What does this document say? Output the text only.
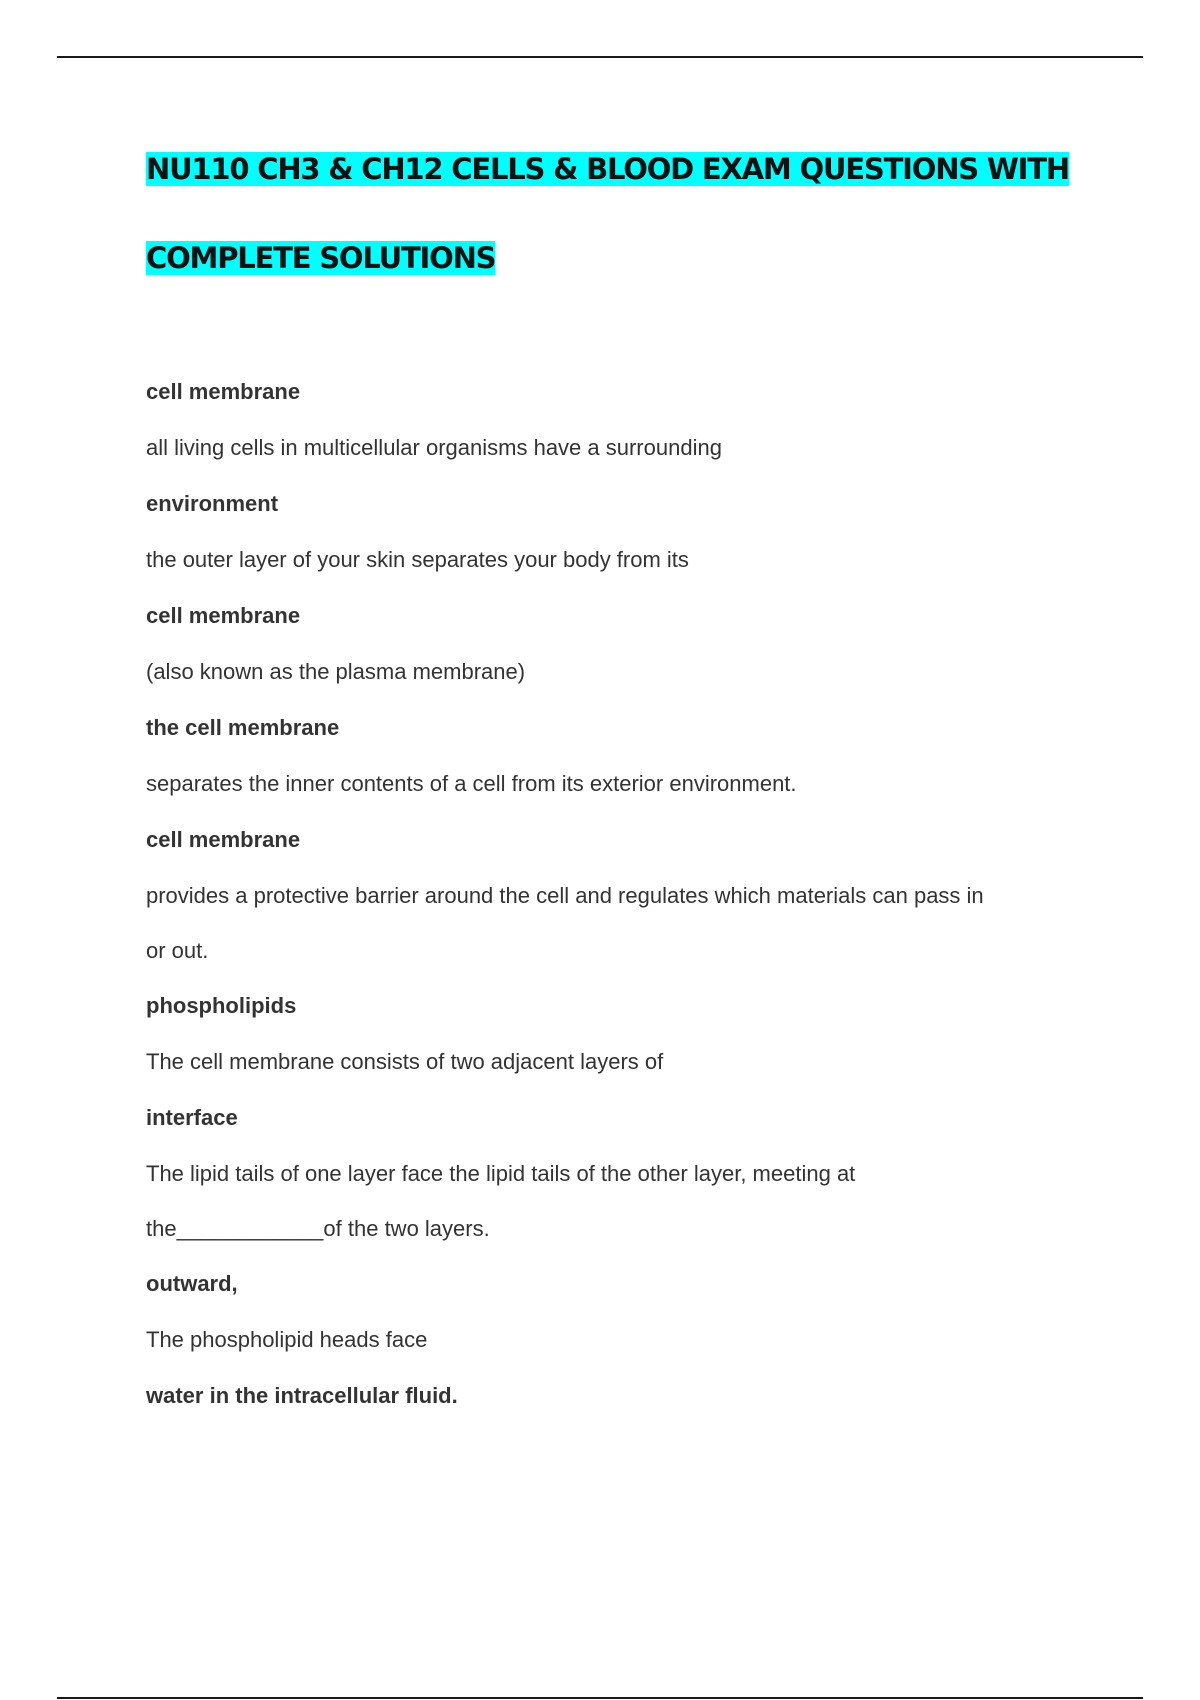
NU110 CH3 & CH12 CELLS & BLOOD EXAM QUESTIONS WITH
COMPLETE SOLUTIONS
cell membrane
all living cells in multicellular organisms have a surrounding
environment
the outer layer of your skin separates your body from its
cell membrane
(also known as the plasma membrane)
the cell membrane
separates the inner contents of a cell from its exterior environment.
cell membrane
provides a protective barrier around the cell and regulates which materials can pass in
or out.
phospholipids
The cell membrane consists of two adjacent layers of
interface
The lipid tails of one layer face the lipid tails of the other layer, meeting at
the____________of the two layers.
outward,
The phospholipid heads face
water in the intracellular fluid.
